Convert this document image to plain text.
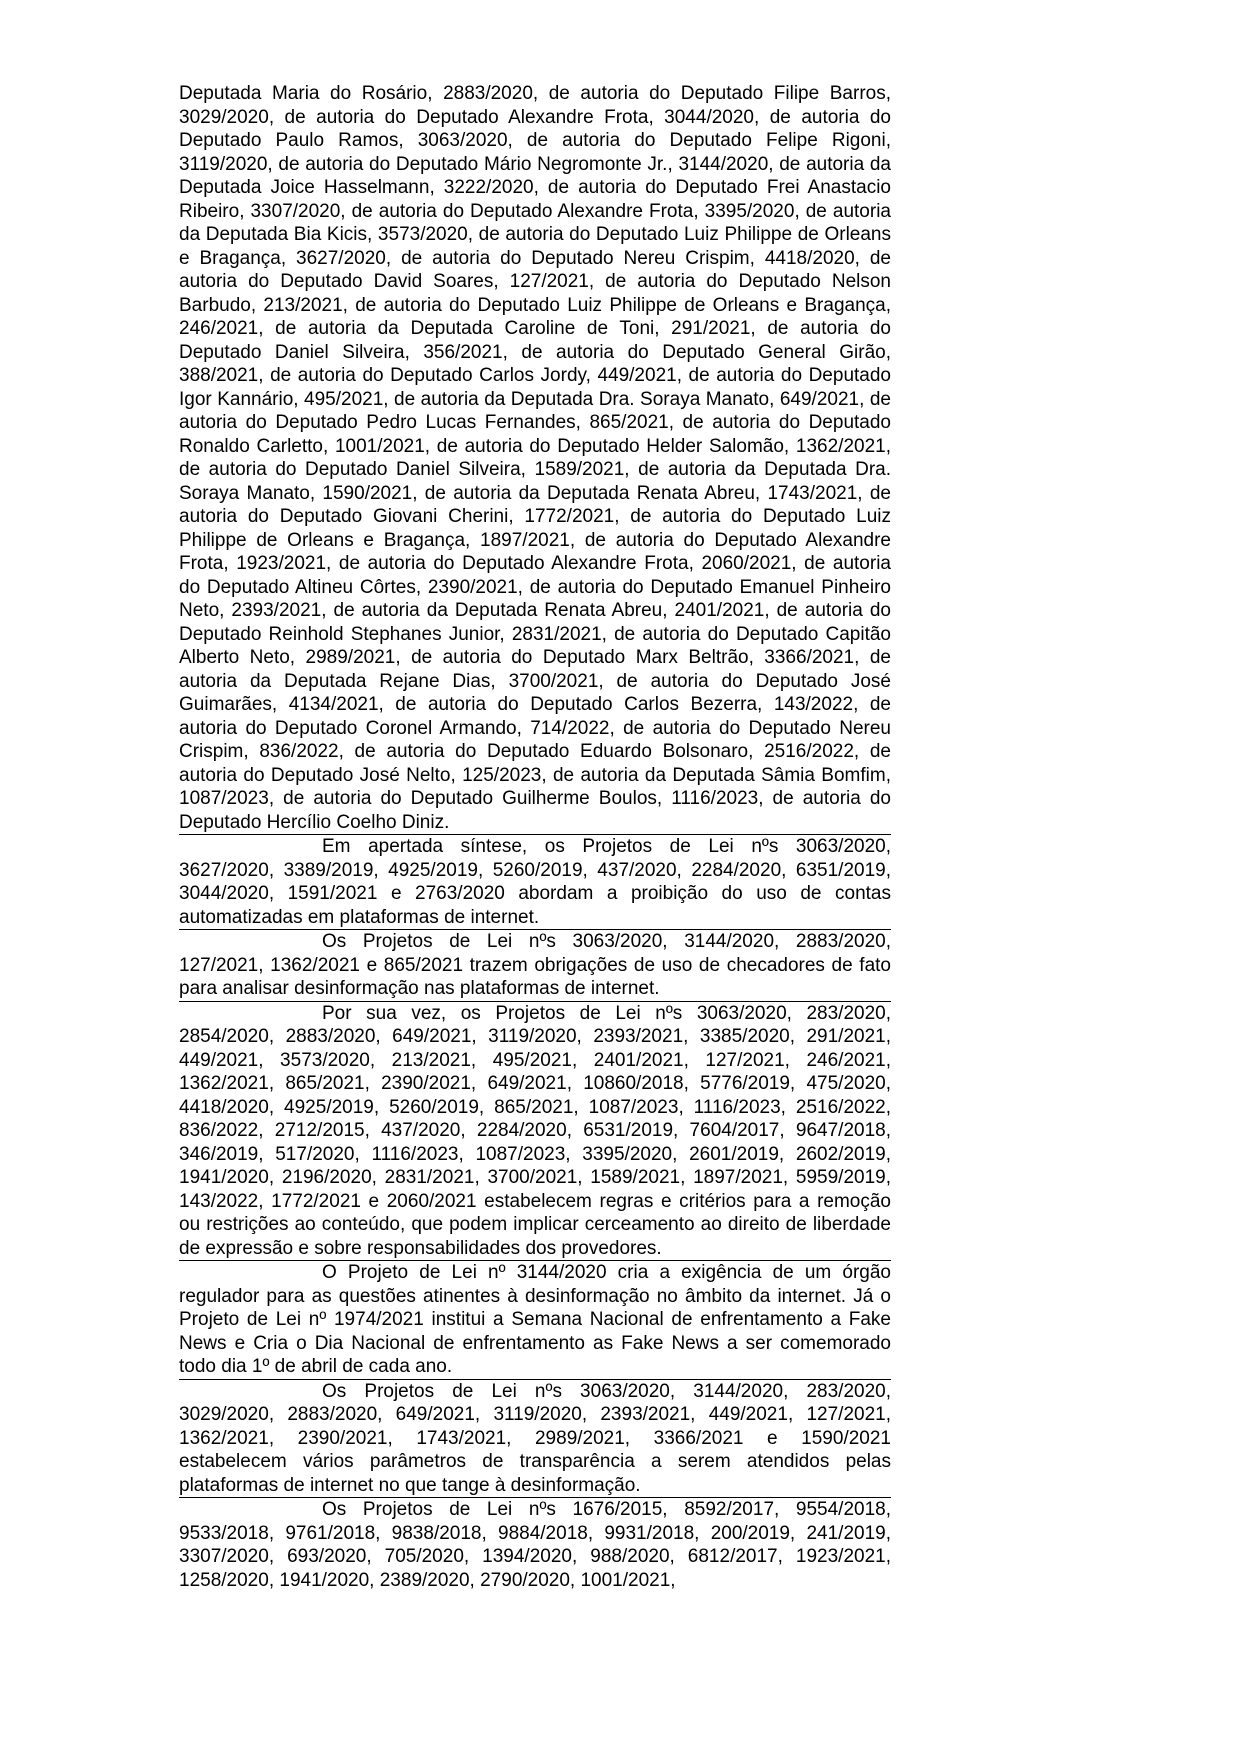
Deputada Maria do Rosário, 2883/2020, de autoria do Deputado Filipe Barros, 3029/2020, de autoria do Deputado Alexandre Frota, 3044/2020, de autoria do Deputado Paulo Ramos, 3063/2020, de autoria do Deputado Felipe Rigoni, 3119/2020, de autoria do Deputado Mário Negromonte Jr., 3144/2020, de autoria da Deputada Joice Hasselmann, 3222/2020, de autoria do Deputado Frei Anastacio Ribeiro, 3307/2020, de autoria do Deputado Alexandre Frota, 3395/2020, de autoria da Deputada Bia Kicis, 3573/2020, de autoria do Deputado Luiz Philippe de Orleans e Bragança, 3627/2020, de autoria do Deputado Nereu Crispim, 4418/2020, de autoria do Deputado David Soares, 127/2021, de autoria do Deputado Nelson Barbudo, 213/2021, de autoria do Deputado Luiz Philippe de Orleans e Bragança, 246/2021, de autoria da Deputada Caroline de Toni, 291/2021, de autoria do Deputado Daniel Silveira, 356/2021, de autoria do Deputado General Girão, 388/2021, de autoria do Deputado Carlos Jordy, 449/2021, de autoria do Deputado Igor Kannário, 495/2021, de autoria da Deputada Dra. Soraya Manato, 649/2021, de autoria do Deputado Pedro Lucas Fernandes, 865/2021, de autoria do Deputado Ronaldo Carletto, 1001/2021, de autoria do Deputado Helder Salomão, 1362/2021, de autoria do Deputado Daniel Silveira, 1589/2021, de autoria da Deputada Dra. Soraya Manato, 1590/2021, de autoria da Deputada Renata Abreu, 1743/2021, de autoria do Deputado Giovani Cherini, 1772/2021, de autoria do Deputado Luiz Philippe de Orleans e Bragança, 1897/2021, de autoria do Deputado Alexandre Frota, 1923/2021, de autoria do Deputado Alexandre Frota, 2060/2021, de autoria do Deputado Altineu Côrtes, 2390/2021, de autoria do Deputado Emanuel Pinheiro Neto, 2393/2021, de autoria da Deputada Renata Abreu, 2401/2021, de autoria do Deputado Reinhold Stephanes Junior, 2831/2021, de autoria do Deputado Capitão Alberto Neto, 2989/2021, de autoria do Deputado Marx Beltrão, 3366/2021, de autoria da Deputada Rejane Dias, 3700/2021, de autoria do Deputado José Guimarães, 4134/2021, de autoria do Deputado Carlos Bezerra, 143/2022, de autoria do Deputado Coronel Armando, 714/2022, de autoria do Deputado Nereu Crispim, 836/2022, de autoria do Deputado Eduardo Bolsonaro, 2516/2022, de autoria do Deputado José Nelto, 125/2023, de autoria da Deputada Sâmia Bomfim, 1087/2023, de autoria do Deputado Guilherme Boulos, 1116/2023, de autoria do Deputado Hercílio Coelho Diniz.

Em apertada síntese, os Projetos de Lei nºs 3063/2020, 3627/2020, 3389/2019, 4925/2019, 5260/2019, 437/2020, 2284/2020, 6351/2019, 3044/2020, 1591/2021 e 2763/2020 abordam a proibição do uso de contas automatizadas em plataformas de internet.

Os Projetos de Lei nºs 3063/2020, 3144/2020, 2883/2020, 127/2021, 1362/2021 e 865/2021 trazem obrigações de uso de checadores de fato para analisar desinformação nas plataformas de internet.

Por sua vez, os Projetos de Lei nºs 3063/2020, 283/2020, 2854/2020, 2883/2020, 649/2021, 3119/2020, 2393/2021, 3385/2020, 291/2021, 449/2021, 3573/2020, 213/2021, 495/2021, 2401/2021, 127/2021, 246/2021, 1362/2021, 865/2021, 2390/2021, 649/2021, 10860/2018, 5776/2019, 475/2020, 4418/2020, 4925/2019, 5260/2019, 865/2021, 1087/2023, 1116/2023, 2516/2022, 836/2022, 2712/2015, 437/2020, 2284/2020, 6531/2019, 7604/2017, 9647/2018, 346/2019, 517/2020, 1116/2023, 1087/2023, 3395/2020, 2601/2019, 2602/2019, 1941/2020, 2196/2020, 2831/2021, 3700/2021, 1589/2021, 1897/2021, 5959/2019, 143/2022, 1772/2021 e 2060/2021 estabelecem regras e critérios para a remoção ou restrições ao conteúdo, que podem implicar cerceamento ao direito de liberdade de expressão e sobre responsabilidades dos provedores.

O Projeto de Lei nº 3144/2020 cria a exigência de um órgão regulador para as questões atinentes à desinformação no âmbito da internet. Já o Projeto de Lei nº 1974/2021 institui a Semana Nacional de enfrentamento a Fake News e Cria o Dia Nacional de enfrentamento as Fake News a ser comemorado todo dia 1º de abril de cada ano.

Os Projetos de Lei nºs 3063/2020, 3144/2020, 283/2020, 3029/2020, 2883/2020, 649/2021, 3119/2020, 2393/2021, 449/2021, 127/2021, 1362/2021, 2390/2021, 1743/2021, 2989/2021, 3366/2021 e 1590/2021 estabelecem vários parâmetros de transparência a serem atendidos pelas plataformas de internet no que tange à desinformação.

Os Projetos de Lei nºs 1676/2015, 8592/2017, 9554/2018, 9533/2018, 9761/2018, 9838/2018, 9884/2018, 9931/2018, 200/2019, 241/2019, 3307/2020, 693/2020, 705/2020, 1394/2020, 988/2020, 6812/2017, 1923/2021, 1258/2020, 1941/2020, 2389/2020, 2790/2020, 1001/2021,
